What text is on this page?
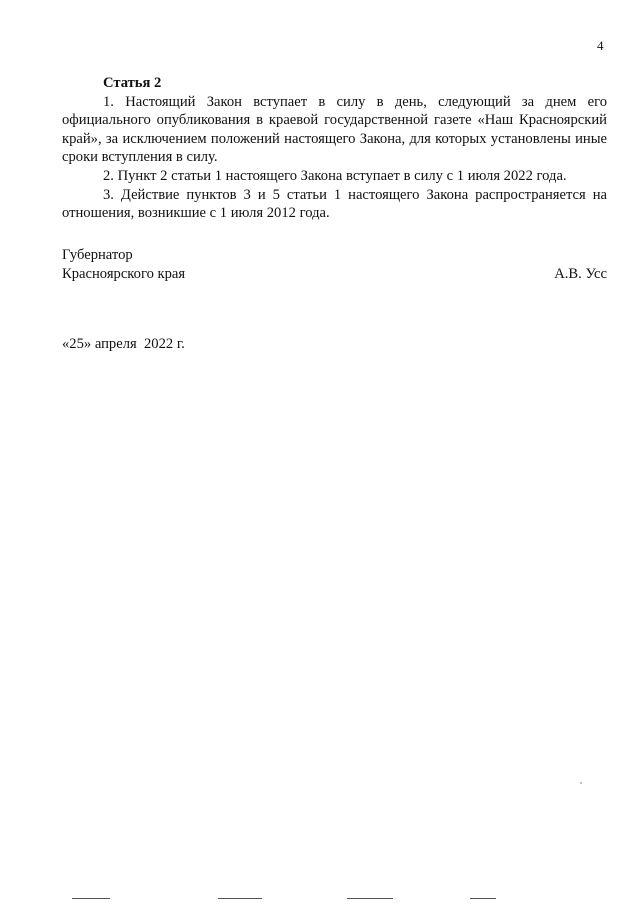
4
Статья 2

1. Настоящий Закон вступает в силу в день, следующий за днем его официального опубликования в краевой государственной газете «Наш Красноярский край», за исключением положений настоящего Закона, для которых установлены иные сроки вступления в силу.

2. Пункт 2 статьи 1 настоящего Закона вступает в силу с 1 июля 2022 года.

3. Действие пунктов 3 и 5 статьи 1 настоящего Закона распространяется на отношения, возникшие с 1 июля 2012 года.

Губернатор
Красноярского края	А.В. Усс
«25» апреля  2022 г.
